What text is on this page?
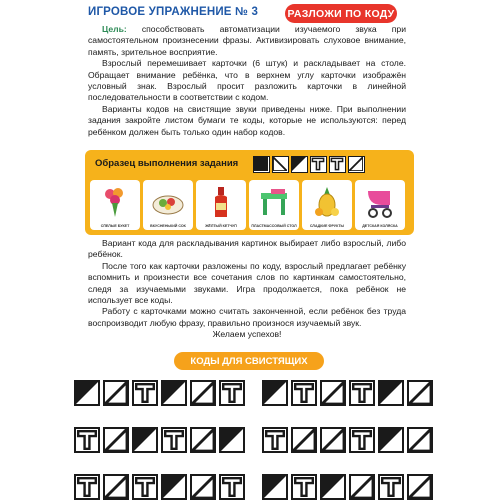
ИГРОВОЕ УПРАЖНЕНИЕ № 3	РАЗЛОЖИ ПО КОДУ

Цель: способствовать автоматизации изучаемого звука при самостоятельном произнесении фразы. Активизировать слуховое внимание, память, зрительное восприятие.

Взрослый перемешивает карточки (6 штук) и раскладывает на столе. Обращает внимание ребёнка, что в верхнем углу карточки изображён условный знак. Взрослый просит разложить карточки в линейной последовательности в соответствии с кодом.

Варианты кодов на свистящие звуки приведены ниже. При выполнении задания закройте листом бумаги те коды, которые не используются: перед ребёнком должен быть только один набор кодов.

Образец выполнения задания
СПЕЛЫЕ БУКЕТ	ВКУСНЕНЬКИЙ СОК	ЖЁЛТЫЙ КЕТЧУП	ПЛАСТМАССОВЫЙ СТОЛ	СЛАДКИЕ ФРУКТЫ	ДЕТСКАЯ КОЛЯСКА

Вариант кода для раскладывания картинок выбирает либо взрослый, либо ребёнок.

После того как карточки разложены по коду, взрослый предлагает ребёнку вспомнить и произнести все сочетания слов по картинкам самостоятельно, следя за изучаемыми звуками. Игра продолжается, пока ребёнок не использует все коды.

Работу с карточками можно считать законченной, если ребёнок без труда воспроизводит любую фразу, правильно произнося изучаемый звук.

Желаем успехов!

КОДЫ ДЛЯ СВИСТЯЩИХ
